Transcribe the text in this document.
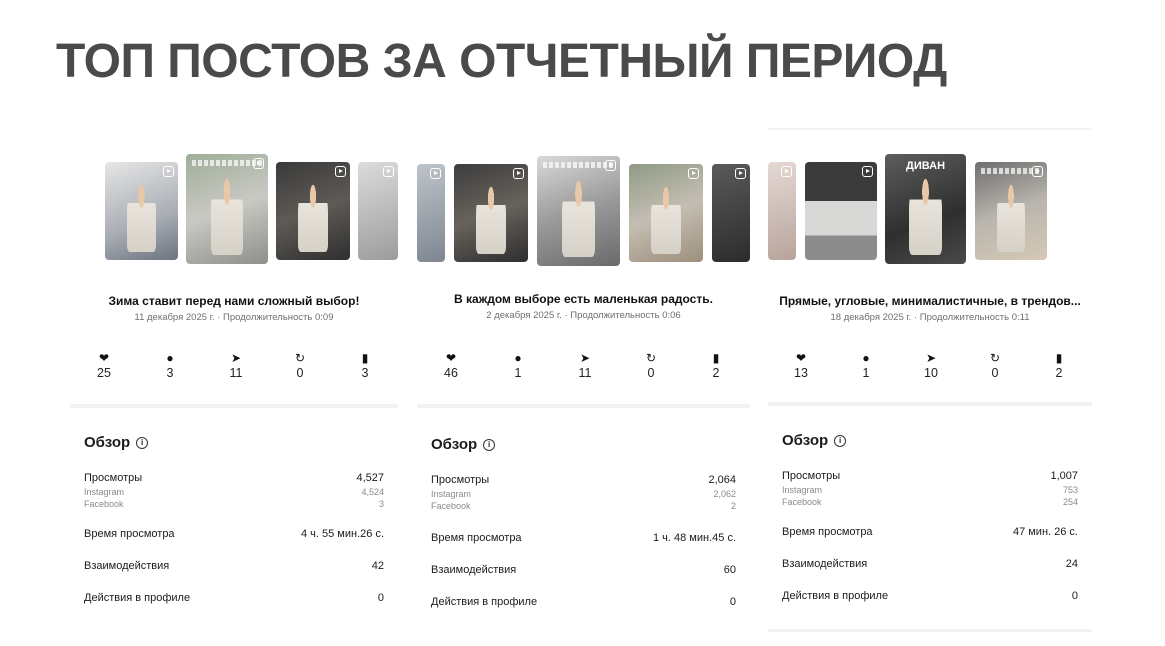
ТОП ПОСТОВ ЗА ОТЧЕТНЫЙ ПЕРИОД
Зима ставит перед нами сложный выбор!
11 декабря 2025 г. · Продолжительность 0:09
❤
25
●
3
➤
11
↻
0
▮
3
Обзор	i
Просмотры	4,527
Instagram	4,524
Facebook	3
Время просмотра	4 ч. 55 мин.26 с.
Взаимодействия	42
Действия в профиле	0
В каждом выборе есть маленькая радость.
2 декабря 2025 г. · Продолжительность 0:06
❤
46
●
1
➤
11
↻
0
▮
2
Обзор	i
Просмотры	2,064
Instagram	2,062
Facebook	2
Время просмотра	1 ч. 48 мин.45 с.
Взаимодействия	60
Действия в профиле	0
ДИВАН
Прямые, угловые, минималистичные, в трендов...
18 декабря 2025 г. · Продолжительность 0:11
❤
13
●
1
➤
10
↻
0
▮
2
Обзор	i
Просмотры	1,007
Instagram	753
Facebook	254
Время просмотра	47 мин. 26 с.
Взаимодействия	24
Действия в профиле	0
